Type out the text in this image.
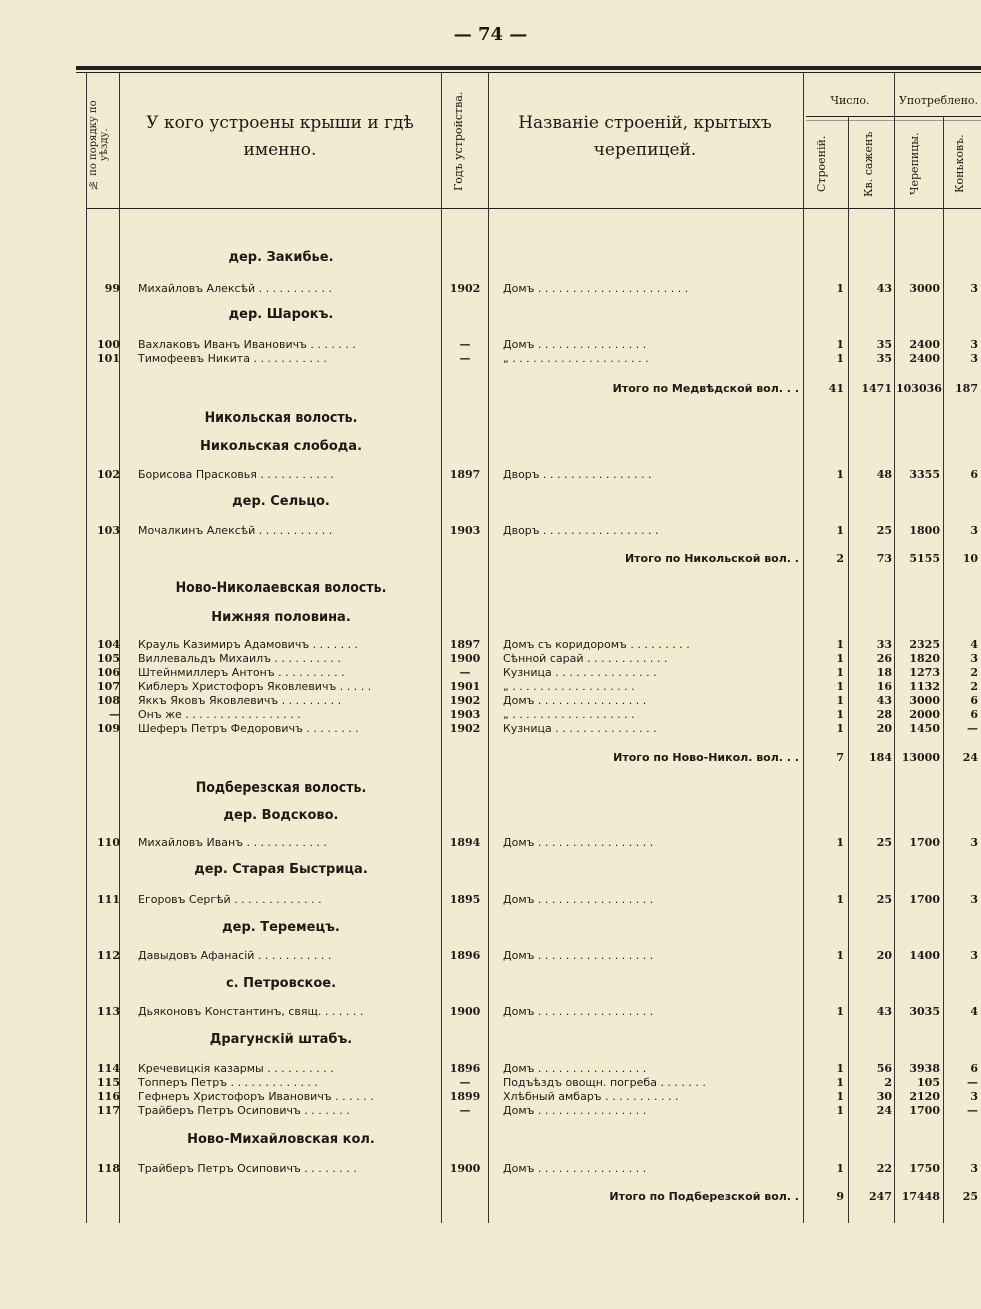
— 74 —
№ по порядку по уѣзду.
У кого устроены крыши и гдѣ именно.	Годъ устройства.	Названіе строеній, крытыхъ черепицей.
Число.	Употреблено.
Строеній.	Кв. саженъ	Черепицы.	Коньковъ.
дер. Закибье.
дер. Шарокъ.
Никольская волость.
Никольская слобода.
дер. Сельцо.
Ново-Николаевская волость.
Нижняя половина.
Подберезская волость.
дер. Водсково.
дер. Старая Быстрица.
дер. Теремецъ.
с. Петровское.
Драгунскій штабъ.
Ново-Михайловская кол.
99 Михайловъ Алексѣй . . . . . . . . . . .	1902	Домъ . . . . . . . . . . . . . . . . . . . . . .	1	43	3000	3
100 Вахлаковъ Иванъ Ивановичъ . . . . . . .	—	Домъ . . . . . . . . . . . . . . . .	1	35	2400	3
101 Тимофеевъ Никита . . . . . . . . . . .	—	„ . . . . . . . . . . . . . . . . . . . .	1	35	2400	3
102 Борисова Прасковья . . . . . . . . . . .	1897	Дворъ . . . . . . . . . . . . . . . .	1	48	3355	6
103 Мочалкинъ Алексѣй . . . . . . . . . . .	1903	Дворъ . . . . . . . . . . . . . . . . .	1	25	1800	3
104 Крауль Казимиръ Адамовичъ . . . . . . .	1897	Домъ съ коридоромъ . . . . . . . . .	1	33	2325	4
105 Виллевальдъ Михаилъ . . . . . . . . . .	1900	Сѣнной сарай . . . . . . . . . . . .	1	26	1820	3
106 Штейнмиллеръ Антонъ . . . . . . . . . .	—	Кузница . . . . . . . . . . . . . . .	1	18	1273	2
107 Киблеръ Христофоръ Яковлевичъ . . . . .	1901	„ . . . . . . . . . . . . . . . . . .	1	16	1132	2
108 Яккъ Яковъ Яковлевичъ . . . . . . . . .	1902	Домъ . . . . . . . . . . . . . . . .	1	43	3000	6
— Онъ же . . . . . . . . . . . . . . . . .	1903	„ . . . . . . . . . . . . . . . . . .	1	28	2000	6
109 Шеферъ Петръ Федоровичъ . . . . . . . .	1902	Кузница . . . . . . . . . . . . . . .	1	20	1450	—
110 Михайловъ Иванъ . . . . . . . . . . . .	1894	Домъ . . . . . . . . . . . . . . . . .	1	25	1700	3
111 Егоровъ Сергѣй . . . . . . . . . . . . .	1895	Домъ . . . . . . . . . . . . . . . . .	1	25	1700	3
112 Давыдовъ Афанасій . . . . . . . . . . .	1896	Домъ . . . . . . . . . . . . . . . . .	1	20	1400	3
113 Дьяконовъ Константинъ, свящ. . . . . . .	1900	Домъ . . . . . . . . . . . . . . . . .	1	43	3035	4
114 Кречевицкія казармы . . . . . . . . . .	1896	Домъ . . . . . . . . . . . . . . . .	1	56	3938	6
115 Топперъ Петръ . . . . . . . . . . . . .	—	Подъѣздъ овощн. погреба . . . . . . .	1	2	105	—
116 Гефнеръ Христофоръ Ивановичъ . . . . . .	1899	Хлѣбный амбаръ . . . . . . . . . . .	1	30	2120	3
117 Трайберъ Петръ Осиповичъ . . . . . . .	—	Домъ . . . . . . . . . . . . . . . .	1	24	1700	—
118 Трайберъ Петръ Осиповичъ . . . . . . . .	1900	Домъ . . . . . . . . . . . . . . . .	1	22	1750	3
Итого по Медвѣдской вол. . .	41	1471 103036	187
Итого по Никольской вол. .	2	73	5155	10
Итого по Ново-Никол. вол. . .	7	184 13000	24
Итого по Подберезской вол. .	9	247 17448	25
